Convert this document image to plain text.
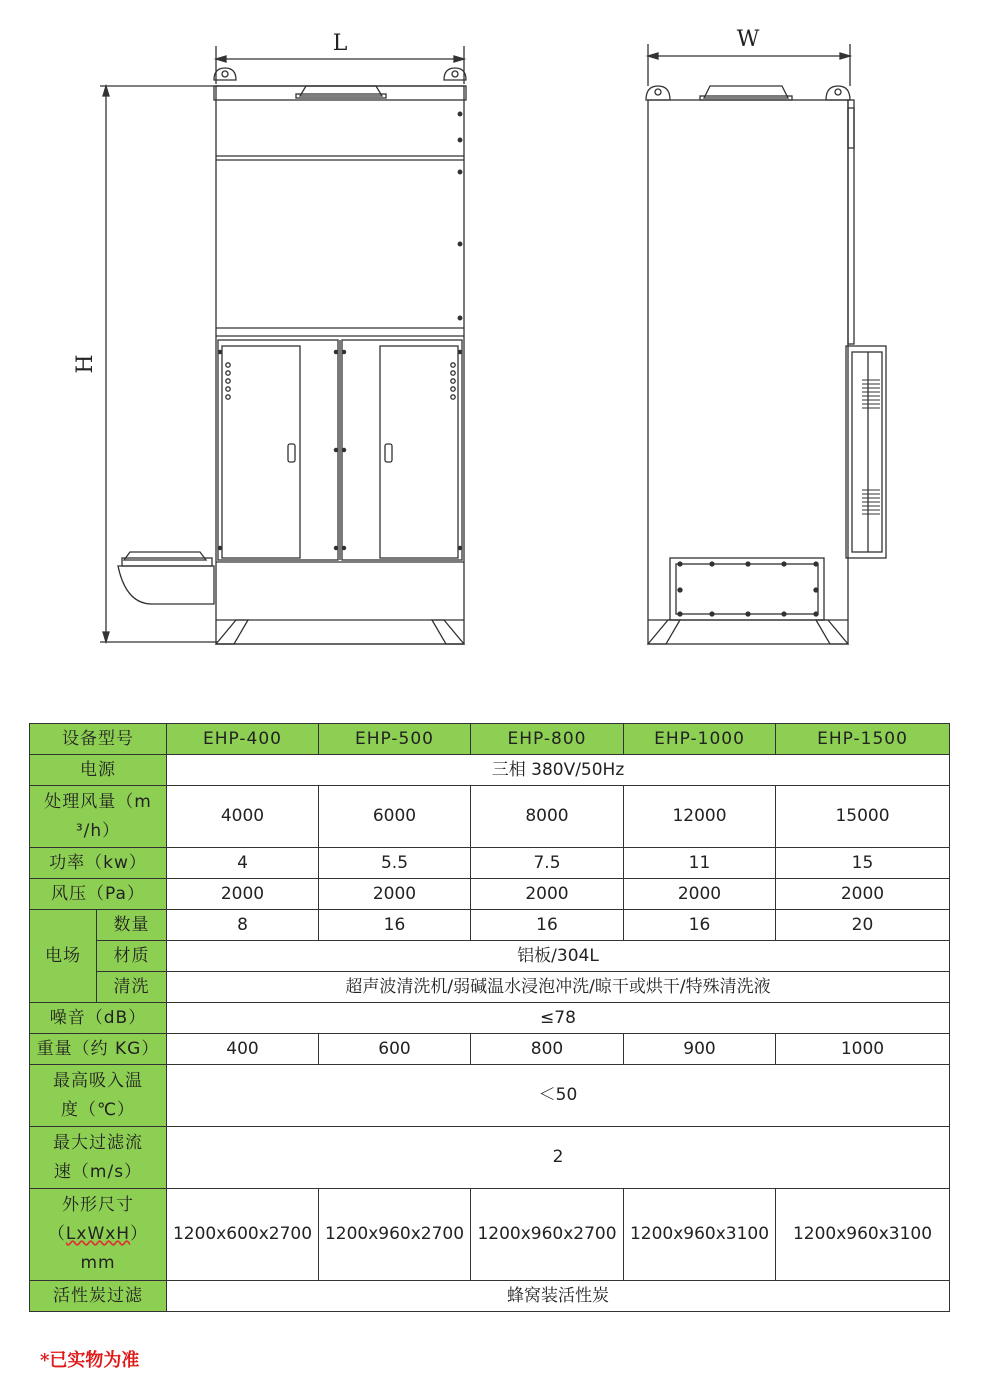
L	W
H
设备型号		EHP-400	EHP-500	EHP-800	EHP-1000	EHP-1500
电源		三相 380V/50Hz				
处理风量（m
³/h）		4000	6000	8000	12000	15000
功率（kw）		4	5.5	7.5	11	15
风压（Pa）		2000	2000	2000	2000	2000
电场	数量	8	16	16	16	20
	材质	铝板/304L				
	清洗	超声波清洗机/弱碱温水浸泡冲洗/晾干或烘干/特殊清洗液				
噪音（dB）		≤78				
重量（约 KG）		400	600	800	900	1000
最高吸入温
度（℃）		＜50				
最大过滤流
速（m/s）		2				
外形尺寸
（LxWxH）
mm		1200x600x2700	1200x960x2700	1200x960x2700	1200x960x3100	1200x960x3100
活性炭过滤		蜂窝装活性炭				
*已实物为准
